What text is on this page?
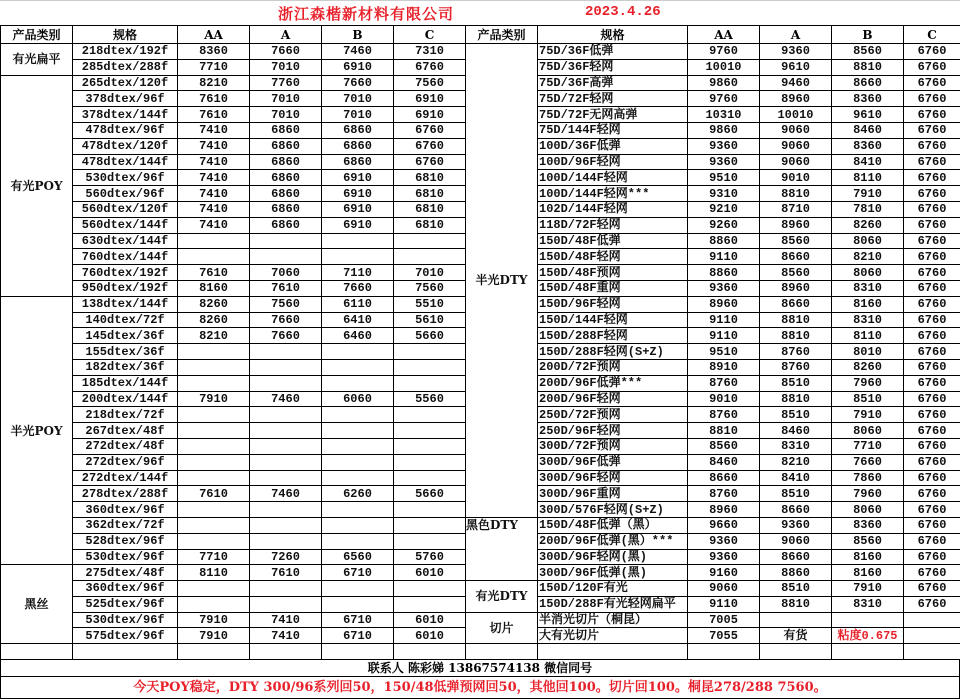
浙江森楷新材料有限公司	2023.4.26
产品类别	规格	AA	A	B	C	产品类别	规格	AA	A	B	C
有光扁平	218dtex/192f	8360	7660	7460	7310	半光DTY	75D/36F低弹	9760	9360	8560	6760
	285dtex/288f	7710	7010	6910	6760		75D/36F轻网	10010	9610	8810	6760
有光POY	265dtex/120f	8210	7760	7660	7560		75D/36F高弹	9860	9460	8660	6760
	378dtex/96f	7610	7010	7010	6910		75D/72F轻网	9760	8960	8360	6760
	378dtex/144f	7610	7010	7010	6910		75D/72F无网高弹	10310	10010	9610	6760
	478dtex/96f	7410	6860	6860	6760		75D/144F轻网	9860	9060	8460	6760
	478dtex/120f	7410	6860	6860	6760		100D/36F低弹	9360	9060	8360	6760
	478dtex/144f	7410	6860	6860	6760		100D/96F轻网	9360	9060	8410	6760
	530dtex/96f	7410	6860	6910	6810		100D/144F轻网	9510	9010	8110	6760
	560dtex/96f	7410	6860	6910	6810		100D/144F轻网***	9310	8810	7910	6760
	560dtex/120f	7410	6860	6910	6810		102D/144F轻网	9210	8710	7810	6760
	560dtex/144f	7410	6860	6910	6810		118D/72F轻网	9260	8960	8260	6760
	630dtex/144f						150D/48F低弹	8860	8560	8060	6760
	760dtex/144f						150D/48F轻网	9110	8660	8210	6760
	760dtex/192f	7610	7060	7110	7010		150D/48F预网	8860	8560	8060	6760
	950dtex/192f	8160	7610	7660	7560		150D/48F重网	9360	8960	8310	6760
半光POY	138dtex/144f	8260	7560	6110	5510		150D/96F轻网	8960	8660	8160	6760
	140dtex/72f	8260	7660	6410	5610		150D/144F轻网	9110	8810	8310	6760
	145dtex/36f	8210	7660	6460	5660		150D/288F轻网	9110	8810	8110	6760
	155dtex/36f						150D/288F轻网(S+Z)	9510	8760	8010	6760
	182dtex/36f						200D/72F预网	8910	8760	8260	6760
	185dtex/144f						200D/96F低弹***	8760	8510	7960	6760
	200dtex/144f	7910	7460	6060	5560		200D/96F轻网	9010	8810	8510	6760
	218dtex/72f						250D/72F预网	8760	8510	7910	6760
	267dtex/48f						250D/96F轻网	8810	8460	8060	6760
	272dtex/48f						300D/72F预网	8560	8310	7710	6760
	272dtex/96f						300D/96F低弹	8460	8210	7660	6760
	272dtex/144f						300D/96F轻网	8660	8410	7860	6760
	278dtex/288f	7610	7460	6260	5660		300D/96F重网	8760	8510	7960	6760
	360dtex/96f						300D/576F轻网(S+Z)	8960	8660	8060	6760
	362dtex/72f					黑色DTY	150D/48F低弹（黑）	9660	9360	8360	6760
	528dtex/96f						200D/96F低弹(黑）***	9360	9060	8560	6760
	530dtex/96f	7710	7260	6560	5760		300D/96F轻网(黑)	9360	8660	8160	6760
黑丝	275dtex/48f	8110	7610	6710	6010		300D/96F低弹(黑)	9160	8860	8160	6760
	360dtex/96f					有光DTY	150D/120F有光	9060	8510	7910	6760
	525dtex/96f						150D/288F有光轻网扁平	9110	8810	8310	6760
	530dtex/96f	7910	7410	6710	6010	切片	半消光切片（桐昆）	7005			
	575dtex/96f	7910	7410	6710	6010		大有光切片	7055	有货	粘度0.675	

联系人 陈彩娣 13867574138 微信同号
今天POY稳定，DTY 300/96系列回50，150/48低弹预网回50，其他回100。切片回100。桐昆278/288 7560。
